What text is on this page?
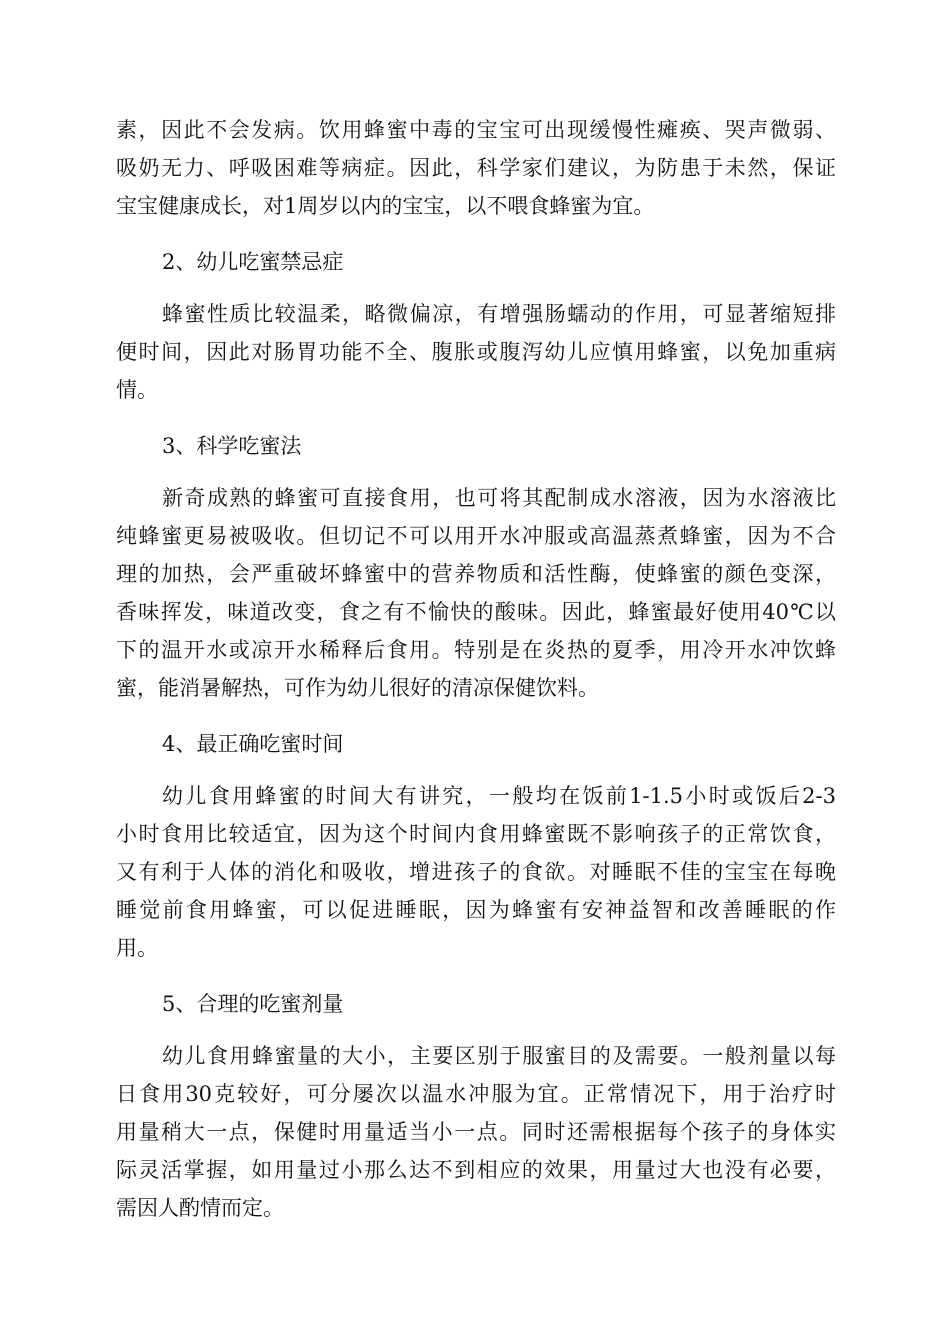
素，因此不会发病。饮用蜂蜜中毒的宝宝可出现缓慢性瘫痪、哭声微弱、

吸奶无力、呼吸困难等病症。因此，科学家们建议，为防患于未然，保证

宝宝健康成长，对1周岁以内的宝宝，以不喂食蜂蜜为宜。

2、幼儿吃蜜禁忌症

蜂蜜性质比较温柔，略微偏凉，有增强肠蠕动的作用，可显著缩短排

便时间，因此对肠胃功能不全、腹胀或腹泻幼儿应慎用蜂蜜，以免加重病

情。

3、科学吃蜜法

新奇成熟的蜂蜜可直接食用，也可将其配制成水溶液，因为水溶液比

纯蜂蜜更易被吸收。但切记不可以用开水冲服或高温蒸煮蜂蜜，因为不合

理的加热，会严重破坏蜂蜜中的营养物质和活性酶，使蜂蜜的颜色变深，

香味挥发，味道改变，食之有不愉快的酸味。因此，蜂蜜最好使用40℃以

下的温开水或凉开水稀释后食用。特别是在炎热的夏季，用冷开水冲饮蜂

蜜，能消暑解热，可作为幼儿很好的清凉保健饮料。

4、最正确吃蜜时间

幼儿食用蜂蜜的时间大有讲究，一般均在饭前1-1.5小时或饭后2-3

小时食用比较适宜，因为这个时间内食用蜂蜜既不影响孩子的正常饮食，

又有利于人体的消化和吸收，增进孩子的食欲。对睡眠不佳的宝宝在每晚

睡觉前食用蜂蜜，可以促进睡眠，因为蜂蜜有安神益智和改善睡眠的作

用。

5、合理的吃蜜剂量

幼儿食用蜂蜜量的大小，主要区别于服蜜目的及需要。一般剂量以每

日食用30克较好，可分屡次以温水冲服为宜。正常情况下，用于治疗时

用量稍大一点，保健时用量适当小一点。同时还需根据每个孩子的身体实

际灵活掌握，如用量过小那么达不到相应的效果，用量过大也没有必要，

需因人酌情而定。
